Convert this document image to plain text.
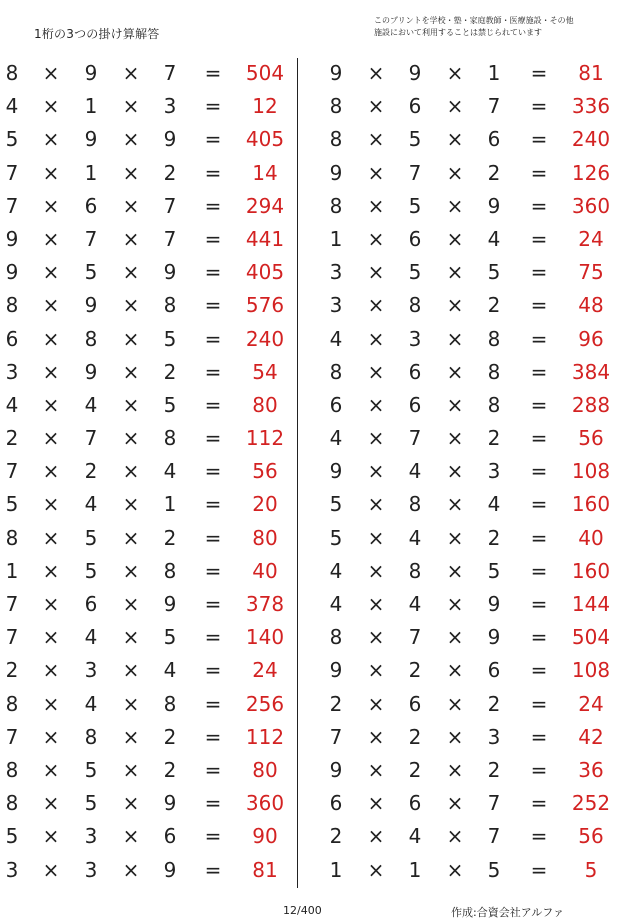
1桁の3つの掛け算解答
このプリントを学校・塾・家庭教師・医療施設・その他
施設において利用することは禁じられています
8 × 9 × 7 =	504	9 × 9 × 1 =	81
4 × 1 × 3 =	12	8 × 6 × 7 =	336
5 × 9 × 9 =	405	8 × 5 × 6 =	240
7 × 1 × 2 =	14	9 × 7 × 2 =	126
7 × 6 × 7 =	294	8 × 5 × 9 =	360
9 × 7 × 7 =	441	1 × 6 × 4 =	24
9 × 5 × 9 =	405	3 × 5 × 5 =	75
8 × 9 × 8 =	576	3 × 8 × 2 =	48
6 × 8 × 5 =	240	4 × 3 × 8 =	96
3 × 9 × 2 =	54	8 × 6 × 8 =	384
4 × 4 × 5 =	80	6 × 6 × 8 =	288
2 × 7 × 8 =	112	4 × 7 × 2 =	56
7 × 2 × 4 =	56	9 × 4 × 3 =	108
5 × 4 × 1 =	20	5 × 8 × 4 =	160
8 × 5 × 2 =	80	5 × 4 × 2 =	40
1 × 5 × 8 =	40	4 × 8 × 5 =	160
7 × 6 × 9 =	378	4 × 4 × 9 =	144
7 × 4 × 5 =	140	8 × 7 × 9 =	504
2 × 3 × 4 =	24	9 × 2 × 6 =	108
8 × 4 × 8 =	256	2 × 6 × 2 =	24
7 × 8 × 2 =	112	7 × 2 × 3 =	42
8 × 5 × 2 =	80	9 × 2 × 2 =	36
8 × 5 × 9 =	360	6 × 6 × 7 =	252
5 × 3 × 6 =	90	2 × 4 × 7 =	56
3 × 3 × 9 =	81	1 × 1 × 5 =	5
12/400	作成:合資会社アルファ
